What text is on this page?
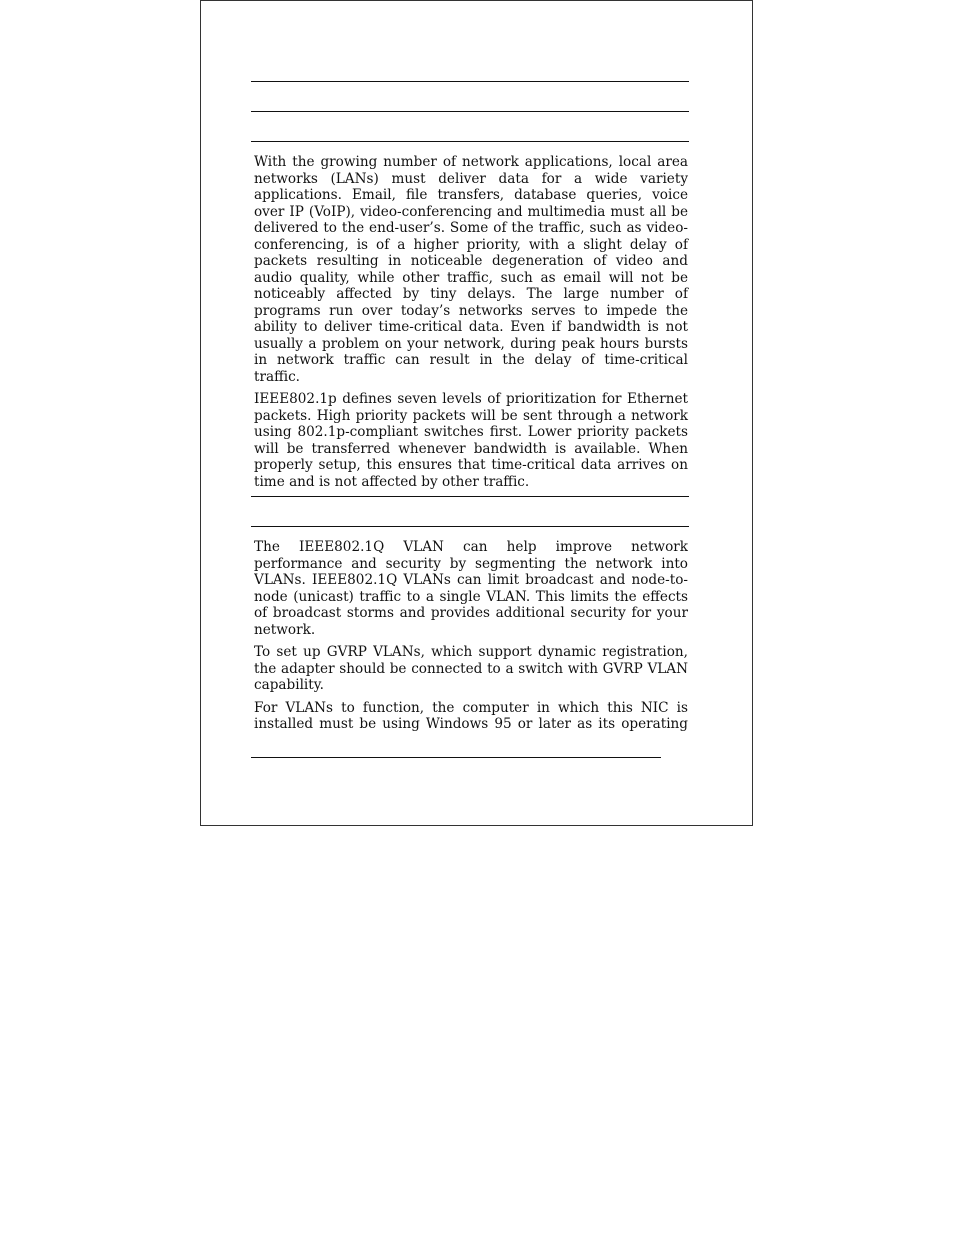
With the growing number of network applications, local area networks (LANs) must deliver data for a wide variety applications. Email, file transfers, database queries, voice over IP (VoIP), video-conferencing and multimedia must all be delivered to the end-user’s. Some of the traffic, such as video-conferencing, is of a higher priority, with a slight delay of packets resulting in noticeable degeneration of video and audio quality, while other traffic, such as email will not be noticeably affected by tiny delays. The large number of programs run over today’s networks serves to impede the ability to deliver time-critical data. Even if bandwidth is not usually a problem on your network, during peak hours bursts in network traffic can result in the delay of time-critical traffic.

IEEE802.1p defines seven levels of prioritization for Ethernet packets. High priority packets will be sent through a network using 802.1p-compliant switches first. Lower priority packets will be transferred whenever bandwidth is available. When properly setup, this ensures that time-critical data arrives on time and is not affected by other traffic.

The IEEE802.1Q VLAN can help improve network performance and security by segmenting the network into VLANs. IEEE802.1Q VLANs can limit broadcast and node-to-node (unicast) traffic to a single VLAN. This limits the effects of broadcast storms and provides additional security for your network.

To set up GVRP VLANs, which support dynamic registration, the adapter should be connected to a switch with GVRP VLAN capability.

For VLANs to function, the computer in which this NIC is installed must be using Windows 95 or later as its operating
